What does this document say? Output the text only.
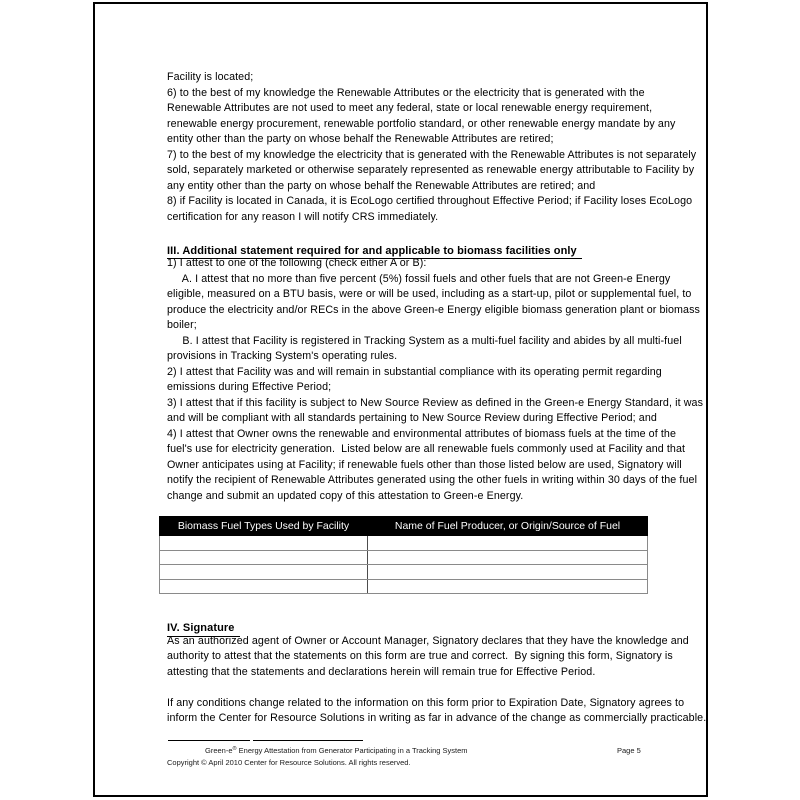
Facility is located;
6) to the best of my knowledge the Renewable Attributes or the electricity that is generated with the
Renewable Attributes are not used to meet any federal, state or local renewable energy requirement,
renewable energy procurement, renewable portfolio standard, or other renewable energy mandate by any
entity other than the party on whose behalf the Renewable Attributes are retired;
7) to the best of my knowledge the electricity that is generated with the Renewable Attributes is not separately
sold, separately marketed or otherwise separately represented as renewable energy attributable to Facility by
any entity other than the party on whose behalf the Renewable Attributes are retired; and
8) if Facility is located in Canada, it is EcoLogo certified throughout Effective Period; if Facility loses EcoLogo
certification for any reason I will notify CRS immediately.
III. Additional statement required for and applicable to biomass facilities only
1) I attest to one of the following (check either A or B):
A. I attest that no more than five percent (5%) fossil fuels and other fuels that are not Green-e Energy
eligible, measured on a BTU basis, were or will be used, including as a start-up, pilot or supplemental fuel, to
produce the electricity and/or RECs in the above Green-e Energy eligible biomass generation plant or biomass
boiler;
B. I attest that Facility is registered in Tracking System as a multi-fuel facility and abides by all multi-fuel
provisions in Tracking System's operating rules.
2) I attest that Facility was and will remain in substantial compliance with its operating permit regarding
emissions during Effective Period;
3) I attest that if this facility is subject to New Source Review as defined in the Green-e Energy Standard, it was
and will be compliant with all standards pertaining to New Source Review during Effective Period; and
4) I attest that Owner owns the renewable and environmental attributes of biomass fuels at the time of the
fuel's use for electricity generation.  Listed below are all renewable fuels commonly used at Facility and that
Owner anticipates using at Facility; if renewable fuels other than those listed below are used, Signatory will
notify the recipient of Renewable Attributes generated using the other fuels in writing within 30 days of the fuel
change and submit an updated copy of this attestation to Green-e Energy.
Biomass Fuel Types Used by Facility	Name of Fuel Producer, or Origin/Source of Fuel

IV. Signature
As an authorized agent of Owner or Account Manager, Signatory declares that they have the knowledge and
authority to attest that the statements on this form are true and correct.  By signing this form, Signatory is
attesting that the statements and declarations herein will remain true for Effective Period.
If any conditions change related to the information on this form prior to Expiration Date, Signatory agrees to
inform the Center for Resource Solutions in writing as far in advance of the change as commercially practicable.
Green-e® Energy Attestation from Generator Participating in a Tracking System	Page 5
Copyright © April 2010 Center for Resource Solutions. All rights reserved.
